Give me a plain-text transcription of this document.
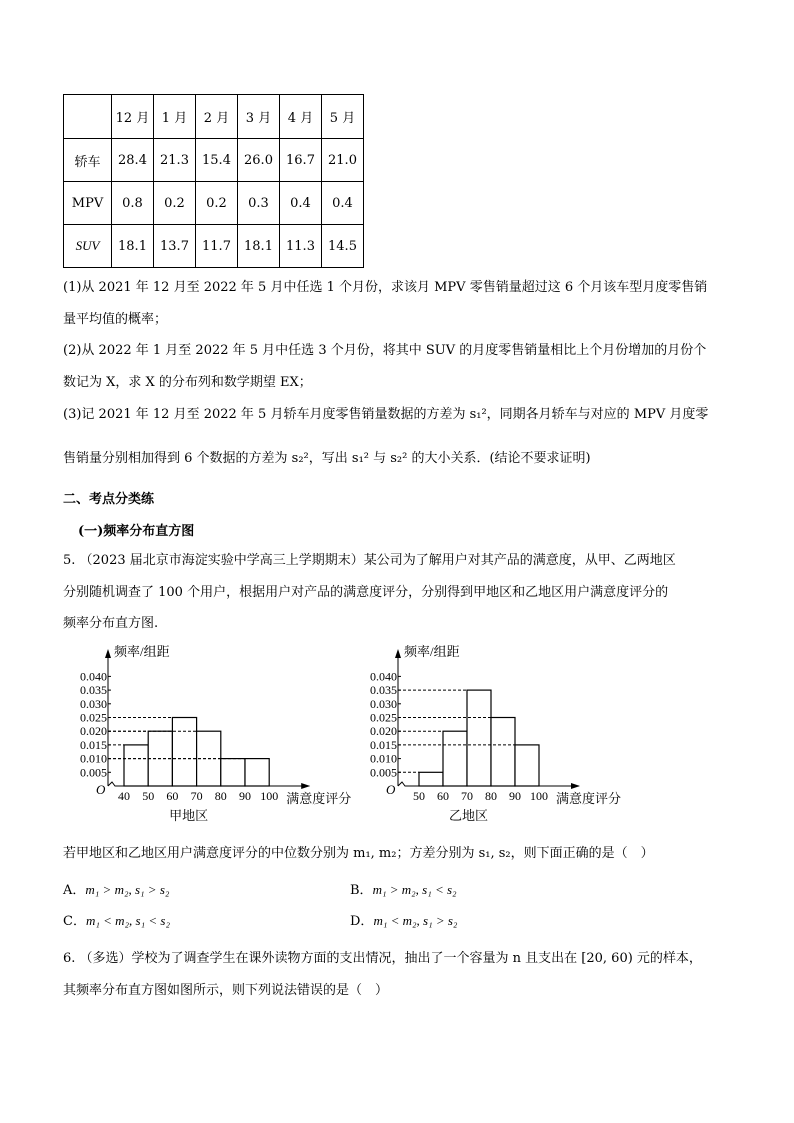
	12 月	1 月	2 月	3 月	4 月	5 月
轿车	28.4	21.3	15.4	26.0	16.7	21.0
MPV	0.8	0.2	0.2	0.3	0.4	0.4
SUV	18.1	13.7	11.7	18.1	11.3	14.5
(1)从 2021 年 12 月至 2022 年 5 月中任选 1 个月份，求该月 MPV 零售销量超过这 6 个月该车型月度零售销
量平均值的概率；
(2)从 2022 年 1 月至 2022 年 5 月中任选 3 个月份，将其中 SUV 的月度零售销量相比上个月份增加的月份个
数记为 X，求 X 的分布列和数学期望 EX；
(3)记 2021 年 12 月至 2022 年 5 月轿车月度零售销量数据的方差为 s₁²，同期各月轿车与对应的 MPV 月度零
售销量分别相加得到 6 个数据的方差为 s₂²，写出 s₁² 与 s₂² 的大小关系．(结论不要求证明)
二、考点分类练
(一)频率分布直方图
5. （2023 届北京市海淀实验中学高三上学期期末）某公司为了解用户对其产品的满意度，从甲、乙两地区
分别随机调查了 100 个用户，根据用户对产品的满意度评分，分别得到甲地区和乙地区用户满意度评分的
频率分布直方图.
频率/组距
O
满意度评分
甲地区
0.005
0.010
0.015
0.020
0.025
0.030
0.035
0.040
40 50 60 70 80 90 100
频率/组距
O
满意度评分
乙地区
0.005
0.010
0.015
0.020
0.025
0.030
0.035
0.040
50 60 70 80 90 100
若甲地区和乙地区用户满意度评分的中位数分别为 m₁, m₂；方差分别为 s₁, s₂，则下面正确的是（　）
A．m₁ > m₂, s₁ > s₂	B．m₁ > m₂, s₁ < s₂
C．m₁ < m₂, s₁ < s₂	D．m₁ < m₂, s₁ > s₂
6. （多选）学校为了调查学生在课外读物方面的支出情况，抽出了一个容量为 n 且支出在 [20, 60) 元的样本，
其频率分布直方图如图所示，则下列说法错误的是（　）
